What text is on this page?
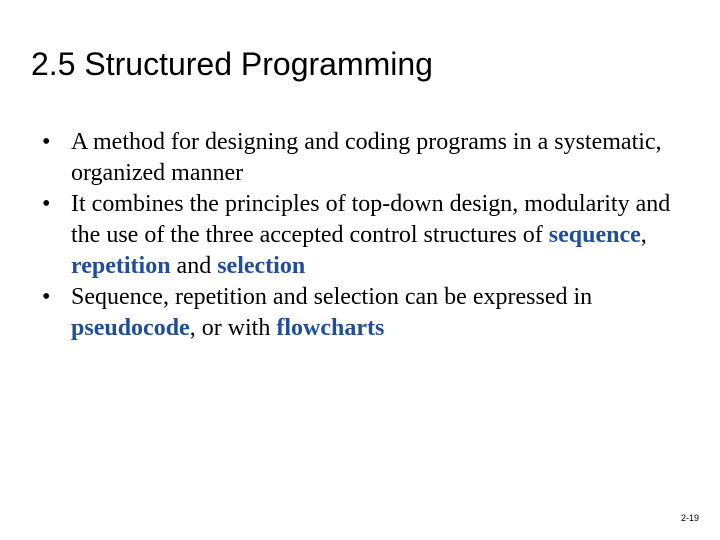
2.5 Structured Programming
• A method for designing and coding programs in a systematic, organized manner
• It combines the principles of top-down design, modularity and the use of the three accepted control structures of sequence, repetition and selection
• Sequence, repetition and selection can be expressed in pseudocode, or with flowcharts
2-19
